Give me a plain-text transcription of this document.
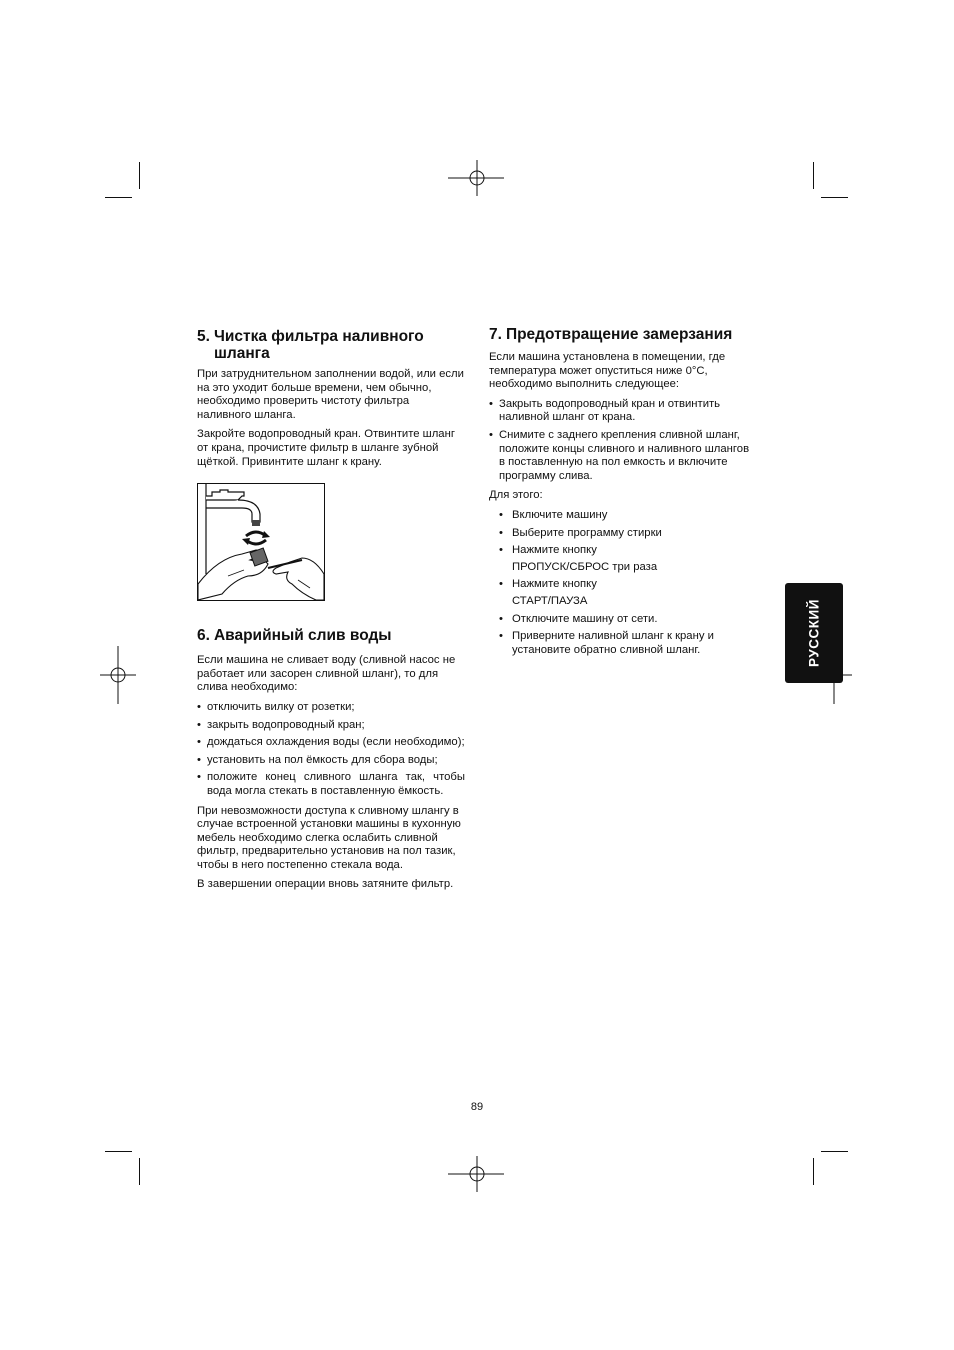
5. Чистка фильтра наливного
шланга

При затруднительном заполнении водой, или если на это уходит больше времени, чем обычно, необходимо проверить чистоту фильтра наливного шланга.

Закройте водопроводный кран. Отвинтите шланг от крана, прочистите фильтр в шланге зубной щёткой. Привинтите шланг к крану.

6. Аварийный слив воды

Если машина не сливает воду (сливной насос не работает или засорен сливной шланг), то для слива необходимо:

• отключить вилку от розетки;
• закрыть водопроводный кран;
• дождаться охлаждения воды (если необходимо);
• установить на пол ёмкость для сбора воды;
• положите конец сливного шланга так, чтобы вода могла стекать в поставленную ёмкость.

При невозможности доступа к сливному шлангу в случае встроенной установки машины в кухонную мебель необходимо слегка ослабить сливной фильтр, предварительно установив на пол тазик, чтобы в него постепенно стекала вода.

В завершении операции вновь затяните фильтр.

7. Предотвращение замерзания

Если машина установлена в помещении, где температура может опуститься ниже 0°С, необходимо выполнить следующее:

• Закрыть водопроводный кран и отвинтить наливной шланг от крана.
• Снимите с заднего крепления сливной шланг, положите концы сливного и наливного шлангов в поставленную на пол емкость и включите программу слива.

Для этого:

• Включите машину
• Выберите программу стирки
• Нажмите кнопку
ПРОПУСК/СБРОС три раза
• Нажмите кнопку
СТАРТ/ПАУЗА
• Отключите машину от сети.
• Приверните наливной шланг к крану и установите обратно сливной шланг.	РУССКИЙ
89
